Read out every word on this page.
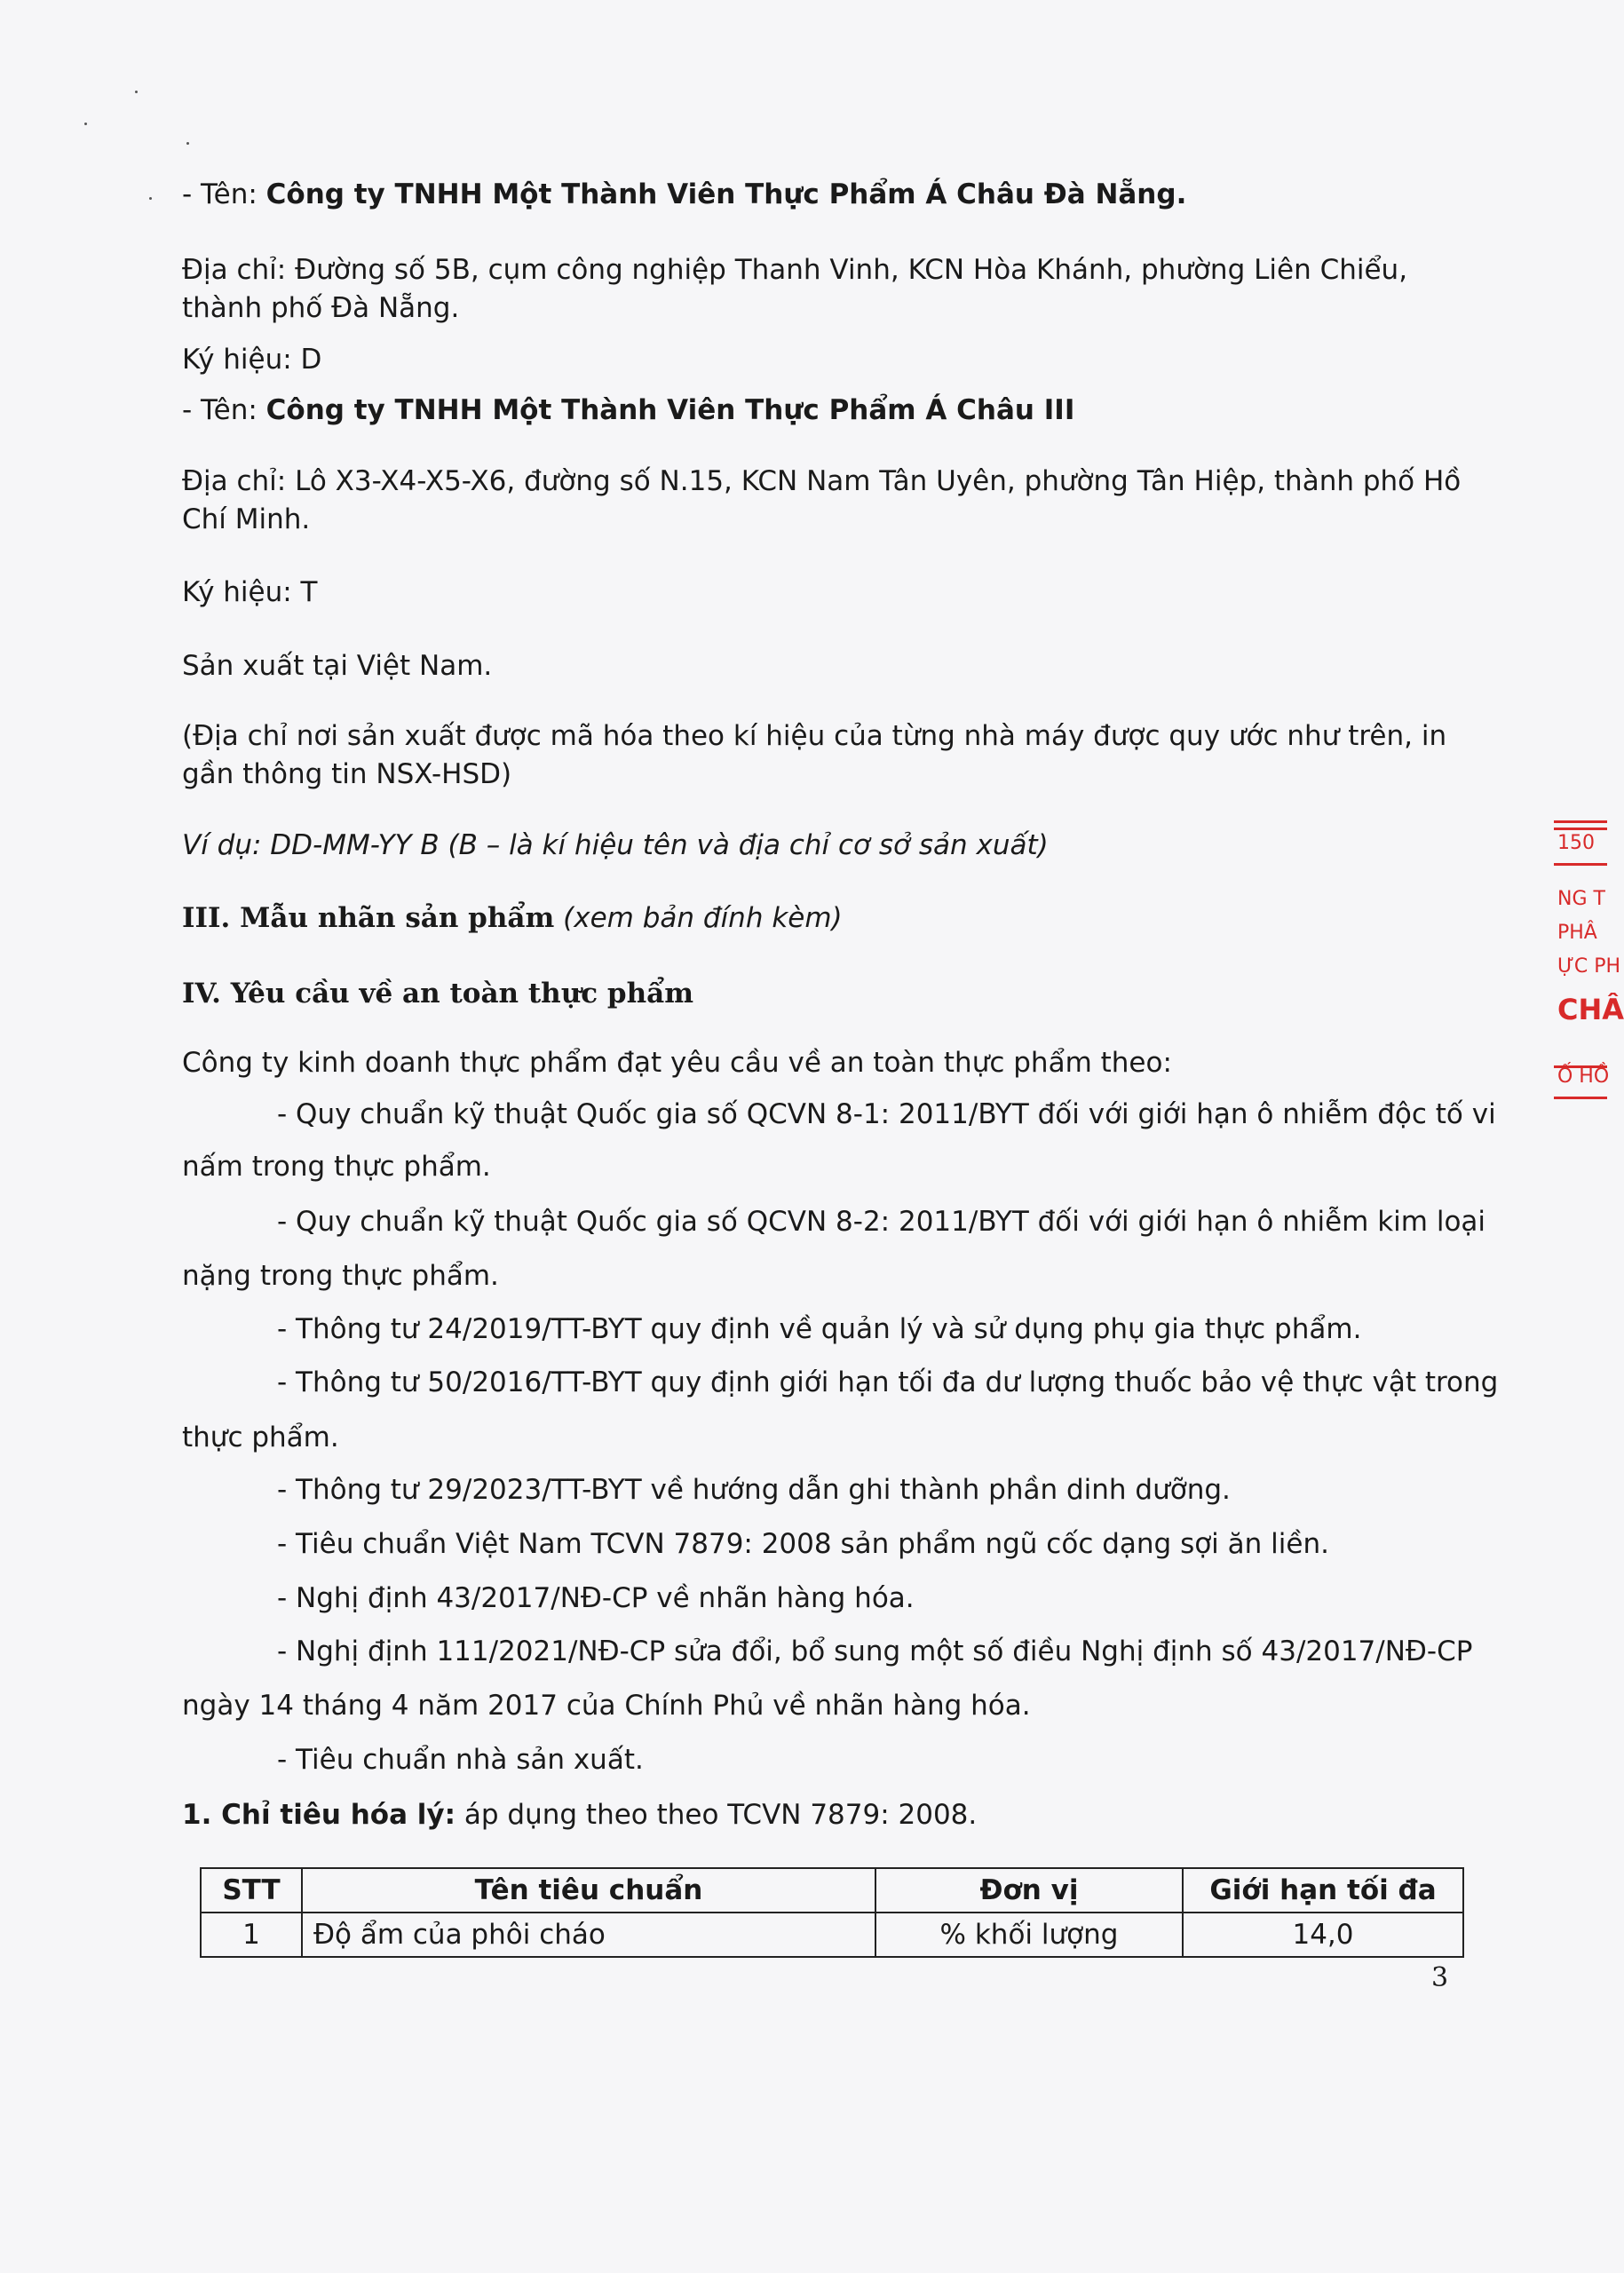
- Tên: Công ty TNHH Một Thành Viên Thực Phẩm Á Châu Đà Nẵng.
Địa chỉ: Đường số 5B, cụm công nghiệp Thanh Vinh, KCN Hòa Khánh, phường Liên Chiểu,
thành phố Đà Nẵng.
Ký hiệu: D
- Tên: Công ty TNHH Một Thành Viên Thực Phẩm Á Châu III
Địa chỉ: Lô X3-X4-X5-X6, đường số N.15, KCN Nam Tân Uyên, phường Tân Hiệp, thành phố Hồ
Chí Minh.
Ký hiệu: T
Sản xuất tại Việt Nam.
(Địa chỉ nơi sản xuất được mã hóa theo kí hiệu của từng nhà máy được quy ước như trên, in
gần thông tin NSX-HSD)
Ví dụ: DD-MM-YY B (B – là kí hiệu tên và địa chỉ cơ sở sản xuất)
III. Mẫu nhãn sản phẩm (xem bản đính kèm)
IV. Yêu cầu về an toàn thực phẩm
Công ty kinh doanh thực phẩm đạt yêu cầu về an toàn thực phẩm theo:
- Quy chuẩn kỹ thuật Quốc gia số QCVN 8-1: 2011/BYT đối với giới hạn ô nhiễm độc tố vi
nấm trong thực phẩm.
- Quy chuẩn kỹ thuật Quốc gia số QCVN 8-2: 2011/BYT đối với giới hạn ô nhiễm kim loại
nặng trong thực phẩm.
- Thông tư 24/2019/TT-BYT quy định về quản lý và sử dụng phụ gia thực phẩm.
- Thông tư 50/2016/TT-BYT quy định giới hạn tối đa dư lượng thuốc bảo vệ thực vật trong
thực phẩm.
- Thông tư 29/2023/TT-BYT về hướng dẫn ghi thành phần dinh dưỡng.
- Tiêu chuẩn Việt Nam TCVN 7879: 2008 sản phẩm ngũ cốc dạng sợi ăn liền.
- Nghị định 43/2017/NĐ-CP về nhãn hàng hóa.
- Nghị định 111/2021/NĐ-CP sửa đổi, bổ sung một số điều Nghị định số 43/2017/NĐ-CP
ngày 14 tháng 4 năm 2017 của Chính Phủ về nhãn hàng hóa.
- Tiêu chuẩn nhà sản xuất.
1. Chỉ tiêu hóa lý: áp dụng theo theo TCVN 7879: 2008.
STT	Tên tiêu chuẩn	Đơn vị	Giới hạn tối đa
1	Độ ẩm của phôi cháo	% khối lượng	14,0
3
150
NG T
PHÂ
ỰC PH
CHÂ
Ố HỒ
